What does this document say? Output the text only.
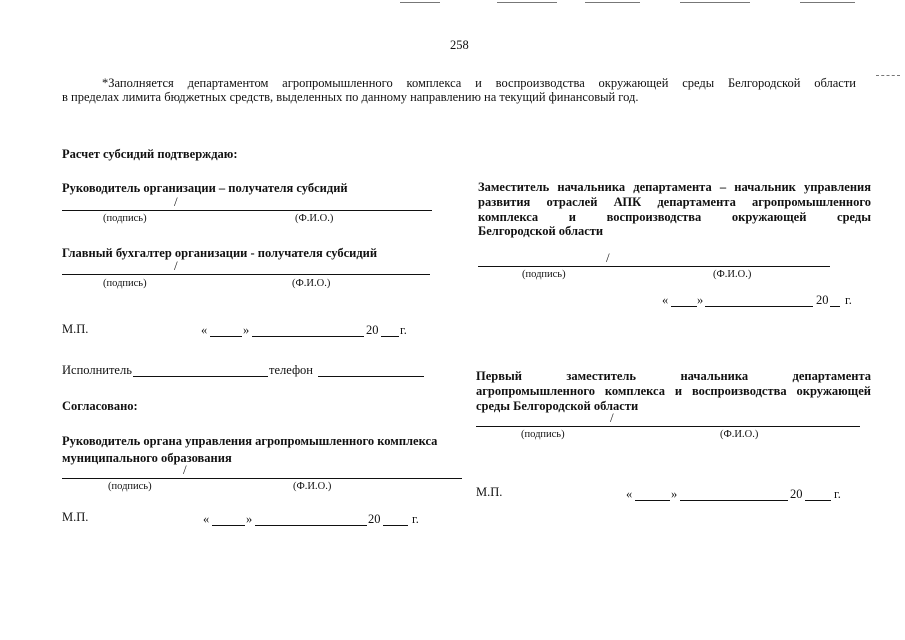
258
*Заполняется департаментом агропромышленного комплекса и воспроизводства окружающей среды Белгородской области
в пределах лимита бюджетных средств, выделенных по данному направлению на текущий финансовый год.
Расчет субсидий подтверждаю:
Руководитель организации – получателя субсидий
/
(подпись)	(Ф.И.О.)
Главный бухгалтер организации - получателя субсидий
/
(подпись)	(Ф.И.О.)
М.П.	«	»	20 г.
Исполнитель	телефон
Согласовано:
Руководитель органа управления агропромышленного комплекса
муниципального образования
/
(подпись)	(Ф.И.О.)
М.П.	«	»	20	г.
Заместитель начальника департамента – начальник управления
развития отраслей АПК департамента агропромышленного
комплекса и воспроизводства окружающей среды
Белгородской области
/
(подпись)	(Ф.И.О.)
« »	20 г.
Первый заместитель начальника департамента
агропромышленного комплекса и воспроизводства окружающей
среды Белгородской области
/
(подпись)	(Ф.И.О.)
М.П.	«	»	20	г.
